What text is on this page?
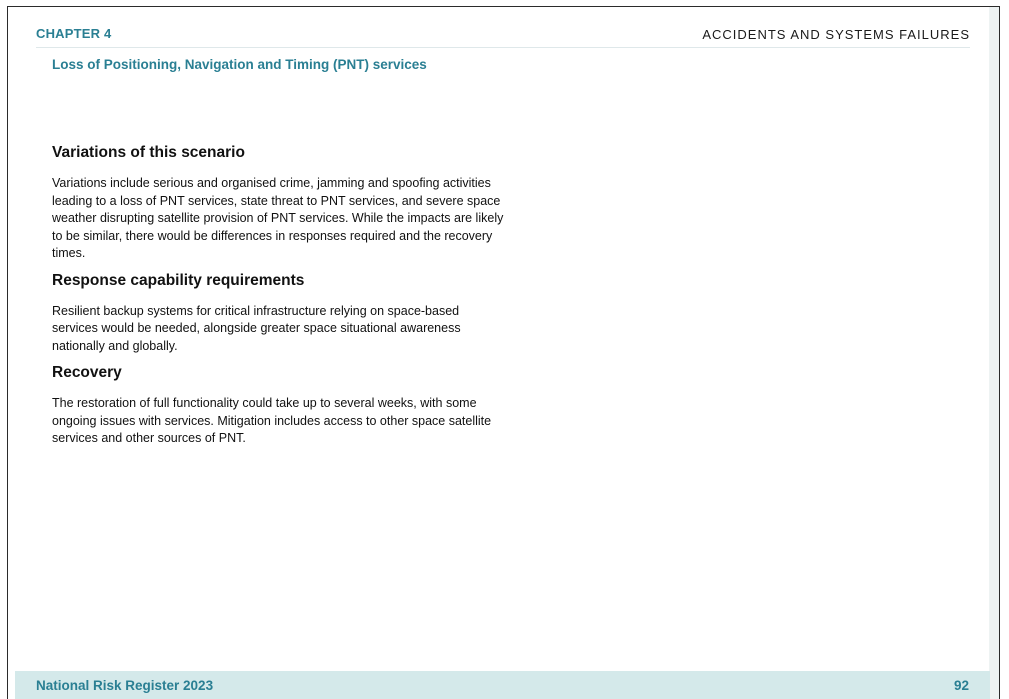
CHAPTER 4	ACCIDENTS AND SYSTEMS FAILURES
Loss of Positioning, Navigation and Timing (PNT) services
Variations of this scenario

Variations include serious and organised crime, jamming and spoofing activities leading to a loss of PNT services, state threat to PNT services, and severe space weather disrupting satellite provision of PNT services. While the impacts are likely to be similar, there would be differences in responses required and the recovery times.

Response capability requirements

Resilient backup systems for critical infrastructure relying on space-based services would be needed, alongside greater space situational awareness nationally and globally.

Recovery

The restoration of full functionality could take up to several weeks, with some ongoing issues with services. Mitigation includes access to other space satellite services and other sources of PNT.

National Risk Register 2023	92
